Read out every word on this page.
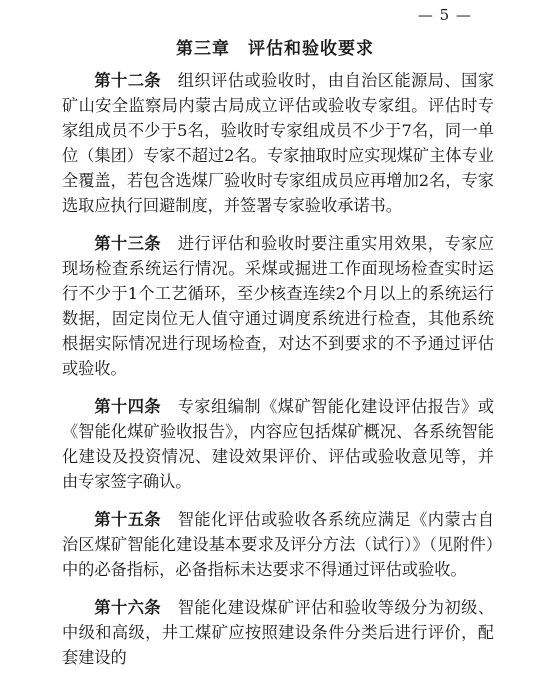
— 5 —
第三章　评估和验收要求

第十二条　 组织评估或验收时，由自治区能源局、国家矿山安全监察局内蒙古局成立评估或验收专家组。评估时专家组成员不少于5名，验收时专家组成员不少于7名，同一单位（集团）专家不超过2名。专家抽取时应实现煤矿主体专业全覆盖，若包含选煤厂验收时专家组成员应再增加2名，专家选取应执行回避制度，并签署专家验收承诺书。

第十三条　 进行评估和验收时要注重实用效果，专家应现场检查系统运行情况。采煤或掘进工作面现场检查实时运行不少于1个工艺循环，至少核查连续2个月以上的系统运行数据，固定岗位无人值守通过调度系统进行检查，其他系统根据实际情况进行现场检查，对达不到要求的不予通过评估或验收。

第十四条　 专家组编制《煤矿智能化建设评估报告》或《智能化煤矿验收报告》，内容应包括煤矿概况、各系统智能化建设及投资情况、建设效果评价、评估或验收意见等，并由专家签字确认。

第十五条　 智能化评估或验收各系统应满足《内蒙古自治区煤矿智能化建设基本要求及评分方法（试行）》（见附件）中的必备指标，必备指标未达要求不得通过评估或验收。

第十六条　 智能化建设煤矿评估和验收等级分为初级、中级和高级，井工煤矿应按照建设条件分类后进行评价，配套建设的
